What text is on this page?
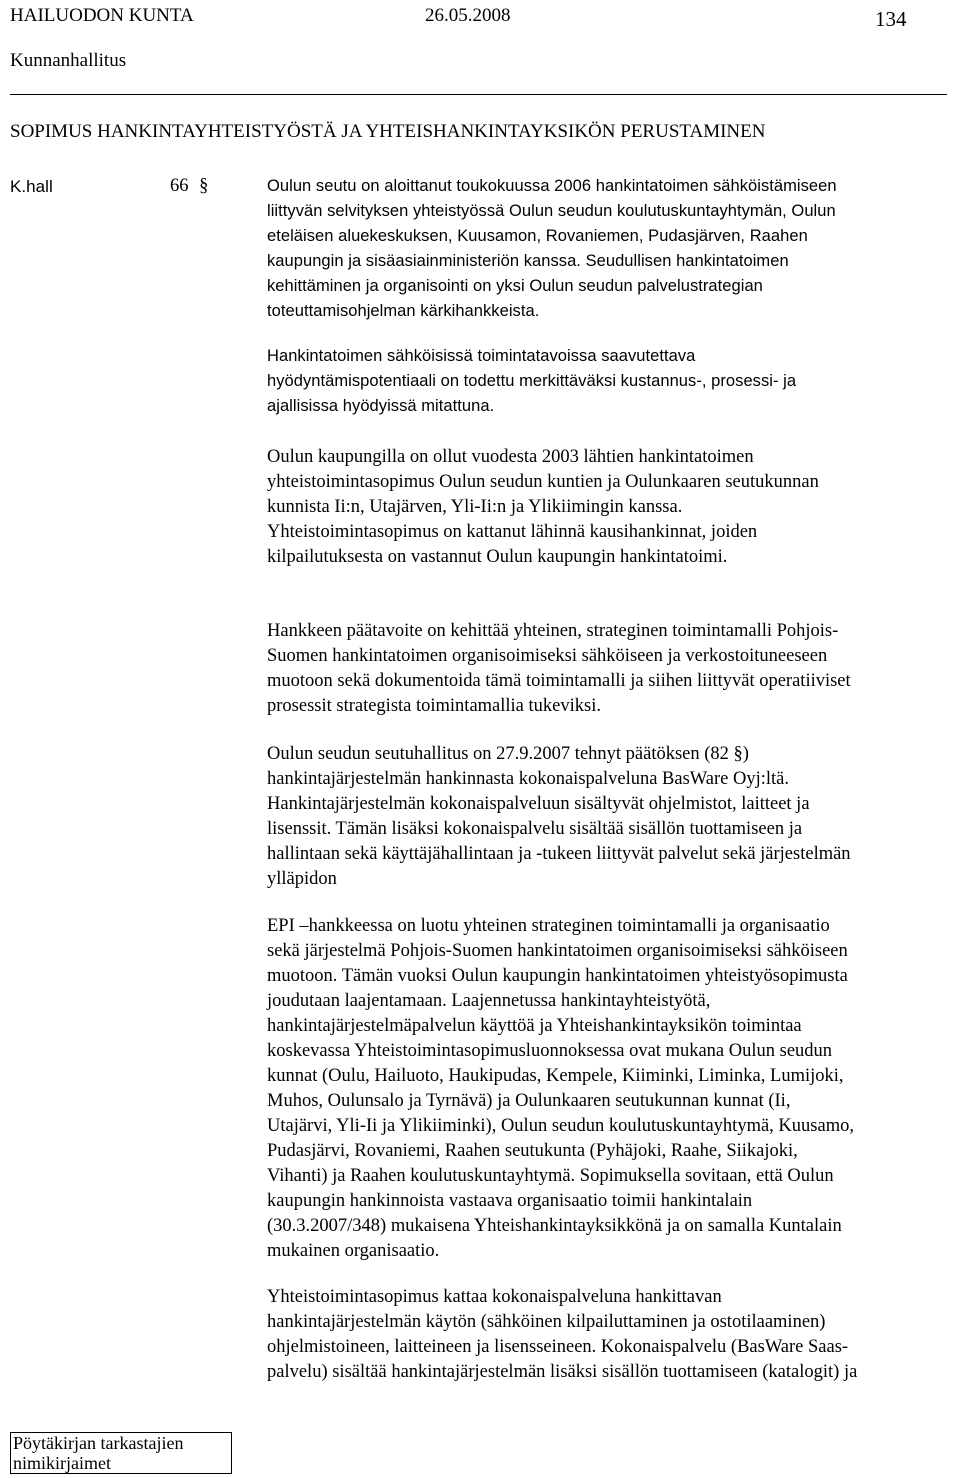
HAILUODON KUNTA	26.05.2008	134
Kunnanhallitus
SOPIMUS HANKINTAYHTEISTYÖSTÄ JA YHTEISHANKINTAYKSIKÖN PERUSTAMINEN
K.hall	66 §	Oulun seutu on aloittanut toukokuussa 2006 hankintatoimen sähköistämiseen
liittyvän selvityksen yhteistyössä Oulun seudun koulutuskuntayhtymän, Oulun
eteläisen aluekeskuksen, Kuusamon, Rovaniemen, Pudasjärven, Raahen
kaupungin ja sisäasiainministeriön kanssa. Seudullisen hankintatoimen
kehittäminen ja organisointi on yksi Oulun seudun palvelustrategian
toteuttamisohjelman kärkihankkeista.
Hankintatoimen sähköisissä toimintatavoissa saavutettava
hyödyntämispotentiaali on todettu merkittäväksi kustannus-, prosessi- ja
ajallisissa hyödyissä mitattuna.
Oulun kaupungilla on ollut vuodesta 2003 lähtien hankintatoimen
yhteistoimintasopimus Oulun seudun kuntien ja Oulunkaaren seutukunnan
kunnista Ii:n, Utajärven, Yli-Ii:n ja Ylikiimingin kanssa.
Yhteistoimintasopimus on kattanut lähinnä kausihankinnat, joiden
kilpailutuksesta on vastannut Oulun kaupungin hankintatoimi.
Hankkeen päätavoite on kehittää yhteinen, strateginen toimintamalli Pohjois-
Suomen hankintatoimen organisoimiseksi sähköiseen ja verkostoituneeseen
muotoon sekä dokumentoida tämä toimintamalli ja siihen liittyvät operatiiviset
prosessit strategista toimintamallia tukeviksi.
Oulun seudun seutuhallitus on 27.9.2007 tehnyt päätöksen (82 §)
hankintajärjestelmän hankinnasta kokonaispalveluna BasWare Oyj:ltä.
Hankintajärjestelmän kokonaispalveluun sisältyvät ohjelmistot, laitteet ja
lisenssit. Tämän lisäksi kokonaispalvelu sisältää sisällön tuottamiseen ja
hallintaan sekä käyttäjähallintaan ja -tukeen liittyvät palvelut sekä järjestelmän
ylläpidon
EPI –hankkeessa on luotu yhteinen strateginen toimintamalli ja organisaatio
sekä järjestelmä Pohjois-Suomen hankintatoimen organisoimiseksi sähköiseen
muotoon. Tämän vuoksi Oulun kaupungin hankintatoimen yhteistyösopimusta
joudutaan laajentamaan. Laajennetussa hankintayhteistyötä,
hankintajärjestelmäpalvelun käyttöä ja Yhteishankintayksikön toimintaa
koskevassa Yhteistoimintasopimusluonnoksessa ovat mukana Oulun seudun
kunnat (Oulu, Hailuoto, Haukipudas, Kempele, Kiiminki, Liminka, Lumijoki,
Muhos, Oulunsalo ja Tyrnävä) ja Oulunkaaren seutukunnan kunnat (Ii,
Utajärvi, Yli-Ii ja Ylikiiminki), Oulun seudun koulutuskuntayhtymä, Kuusamo,
Pudasjärvi, Rovaniemi, Raahen seutukunta (Pyhäjoki, Raahe, Siikajoki,
Vihanti) ja Raahen koulutuskuntayhtymä. Sopimuksella sovitaan, että Oulun
kaupungin hankinnoista vastaava organisaatio toimii hankintalain
(30.3.2007/348) mukaisena Yhteishankintayksikkönä ja on samalla Kuntalain
mukainen organisaatio.
Yhteistoimintasopimus kattaa kokonaispalveluna hankittavan
hankintajärjestelmän käytön (sähköinen kilpailuttaminen ja ostotilaaminen)
ohjelmistoineen, laitteineen ja lisensseineen. Kokonaispalvelu (BasWare Saas-
palvelu) sisältää hankintajärjestelmän lisäksi sisällön tuottamiseen (katalogit) ja
Pöytäkirjan tarkastajien
nimikirjaimet
